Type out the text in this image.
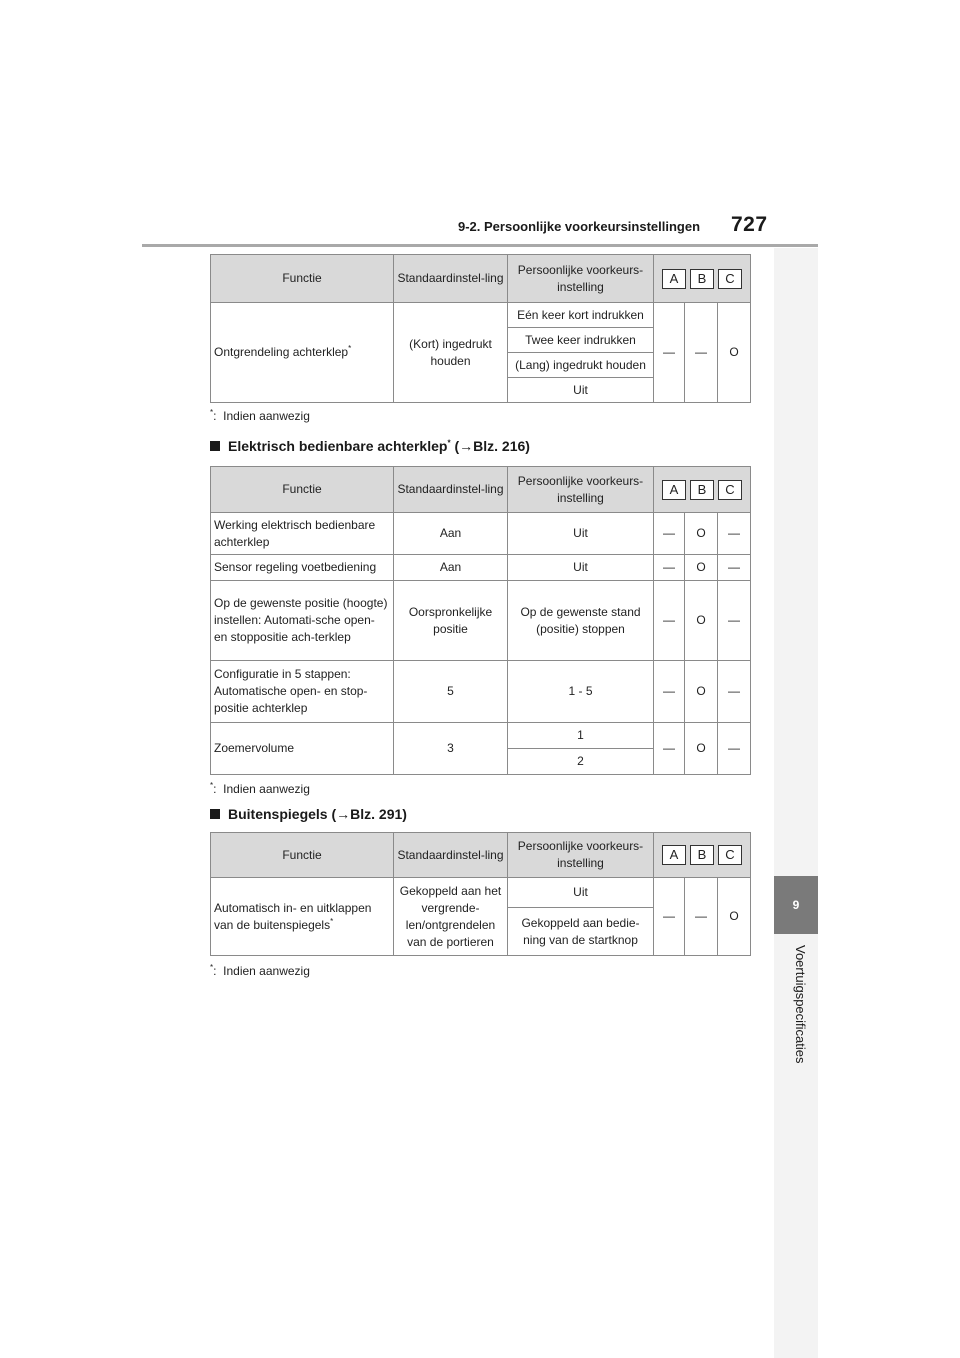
9-2. Persoonlijke voorkeursinstellingen 727
9
Voertuigspecificaties
Functie	Standaardinstel-ling	Persoonlijke voorkeurs-instelling	A B C		

Ontgrendeling achterklep*	(Kort) ingedrukt houden	Eén keer kort indrukken	—	—	O
		Twee keer indrukken			
		(Lang) ingedrukt houden			
		Uit			
*:  Indien aanwezig
Elektrisch bedienbare achterklep* (→Blz. 216)
Functie	Standaardinstel-ling	Persoonlijke voorkeurs-instelling	A B C		

Werking elektrisch bedienbare achterklep	Aan	Uit	—	O	—
Sensor regeling voetbediening	Aan	Uit	—	O	—
Op de gewenste positie (hoogte) instellen: Automati-sche open- en stoppositie ach-terklep	Oorspronkelijke positie	Op de gewenste stand (positie) stoppen	—	O	—
Configuratie in 5 stappen: Automatische open- en stop-positie achterklep	5	1 - 5	—	O	—
Zoemervolume	3	1	—	O	—
		2			
*:  Indien aanwezig
Buitenspiegels (→Blz. 291)
Functie	Standaardinstel-ling	Persoonlijke voorkeurs-instelling	A B C		

Automatisch in- en uitklappen van de buitenspiegels*	Gekoppeld aan het vergrende-len/ontgrendelen van de portieren	Uit	—	—	O
		Gekoppeld aan bedie-ning van de startknop			
*:  Indien aanwezig
